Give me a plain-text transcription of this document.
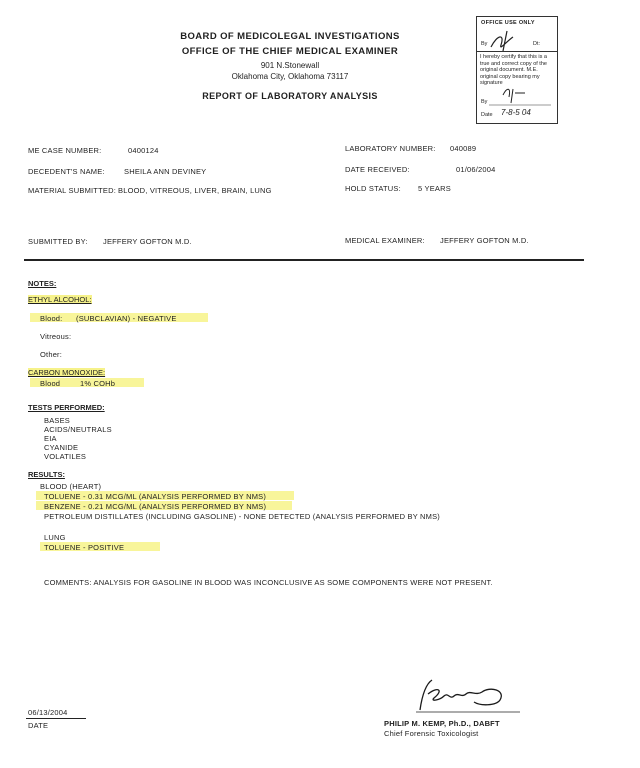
BOARD OF MEDICOLEGAL INVESTIGATIONS
OFFICE OF THE CHIEF MEDICAL EXAMINER
901 N.Stonewall
Oklahoma City, Oklahoma 73117
REPORT OF LABORATORY ANALYSIS
OFFICE USE ONLY
By	Dt:
I hereby certify that this is a true and correct copy of the original document. M.E. original copy bearing my signature
By
Date 7-8-5 04
ME CASE NUMBER:	0400124	LABORATORY NUMBER: 040089
DECEDENT'S NAME:	SHEILA ANN DEVINEY	DATE RECEIVED:	01/06/2004
MATERIAL SUBMITTED: BLOOD, VITREOUS, LIVER, BRAIN, LUNG	HOLD STATUS: 5 YEARS
SUBMITTED BY: JEFFERY GOFTON M.D.	MEDICAL EXAMINER: JEFFERY GOFTON M.D.
NOTES:
ETHYL ALCOHOL:
Blood: (SUBCLAVIAN) - NEGATIVE
Vitreous:
Other:
CARBON MONOXIDE:
Blood	1% COHb
TESTS PERFORMED:
BASES
ACIDS/NEUTRALS
EIA
CYANIDE
VOLATILES
RESULTS:
BLOOD (HEART)
TOLUENE - 0.31 MCG/ML (ANALYSIS PERFORMED BY NMS)
BENZENE - 0.21 MCG/ML (ANALYSIS PERFORMED BY NMS)
PETROLEUM DISTILLATES (INCLUDING GASOLINE) - NONE DETECTED (ANALYSIS PERFORMED BY NMS)
LUNG
TOLUENE - POSITIVE
COMMENTS: ANALYSIS FOR GASOLINE IN BLOOD WAS INCONCLUSIVE AS SOME COMPONENTS WERE NOT PRESENT.
06/13/2004
DATE	PHILIP M. KEMP, Ph.D., DABFT
Chief Forensic Toxicologist
